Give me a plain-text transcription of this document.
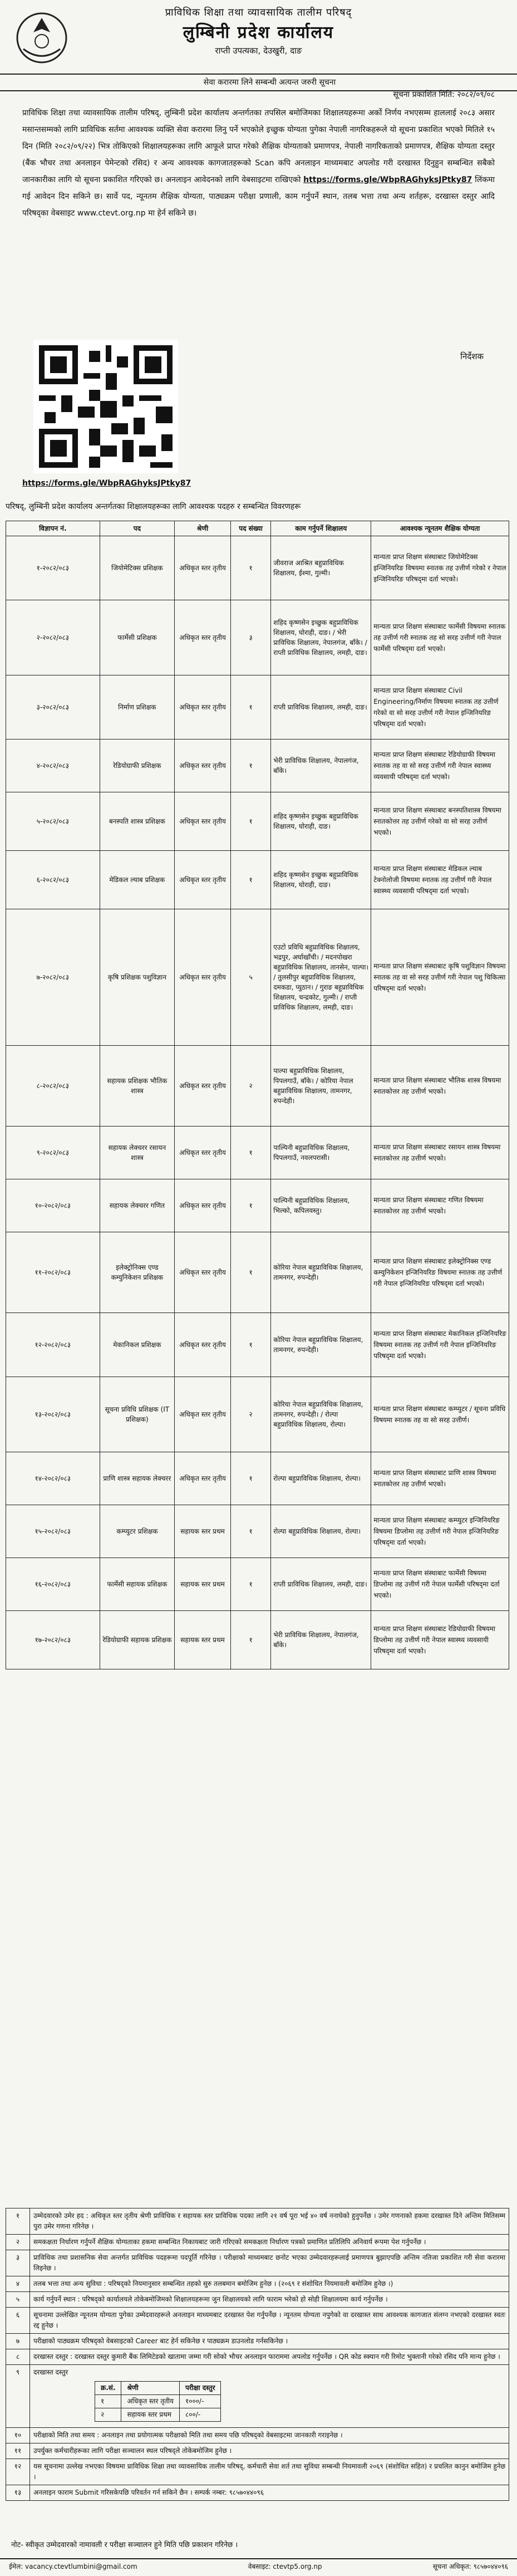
प्राविधिक शिक्षा तथा व्यावसायिक तालीम परिषद्
लुम्बिनी प्रदेश कार्यालय
राप्ती उपत्यका, देउखुरी, दाङ
सेवा करारमा लिने सम्बन्धी अत्यन्त जरुरी सूचना
सूचना प्रकाशित मिति: २०८२/०९/०८
प्राविधिक शिक्षा तथा व्यावसायिक तालीम परिषद्, लुम्बिनी प्रदेश कार्यालय अन्तर्गतका तपसिल बमोजिमका शिक्षालयहरूमा अर्को निर्णय नभएसम्म हाललाई २०८३ असार मसान्तसम्मको लागि प्राविधिक सर्तमा आवश्यक व्यक्ति सेवा करारमा लिनु पर्ने भएकोले इच्छुक योग्यता पुगेका नेपाली नागरिकहरूले यो सूचना प्रकाशित भएको मितिले १५ दिन (मिति २०८२/०९/२२) भित्र तोकिएको शिक्षालयहरूका लागि आफूले प्राप्त गरेको शैक्षिक योग्यताको प्रमाणपत्र, नेपाली नागरिकताको प्रमाणपत्र, शैक्षिक योग्यता दस्तुर (बैंक भौचर तथा अनलाइन पेमेन्टको रसिद) र अन्य आवश्यक कागजातहरूको Scan कपि अनलाइन माध्यमबाट अपलोड गरी दरखास्त दिनुहुन सम्बन्धित सबैको जानकारीका लागि यो सूचना प्रकाशित गरिएको छ। अनलाइन आवेदनको लागि वेबसाइटमा राखिएको https://forms.gle/WbpRAGhyksJPtky87 लिंकमा गई आवेदन दिन सकिने छ। सार्वे पद, न्यूनतम शैक्षिक योग्यता, पाठ्यक्रम परीक्षा प्रणाली, काम गर्नुपर्ने स्थान, तलब भत्ता तथा अन्य शर्तहरू, दरखास्त दस्तुर आदि परिषद्का वेबसाइट www.ctevt.org.np मा हेर्न सकिने छ।
https://forms.gle/WbpRAGhyksJPtky87
निर्देशक
परिषद्, लुम्बिनी प्रदेश कार्यालय अन्तर्गतका शिक्षालयहरूका लागि आवश्यक पदहरु र सम्बन्धित विवरणहरू
विज्ञापन नं.	पद	श्रेणी	पद संख्या	काम गर्नुपर्ने शिक्षालय	आवश्यक न्यूनतम शैक्षिक योग्यता
१-२०८२/०८३	जियोमेटिक्स प्रशिक्षक	अधिकृत स्तर तृतीय	१	जीवराज आश्रित बहुप्राविधिक शिक्षालय, ईश्मा, गुल्मी।	मान्यता प्राप्त शिक्षण संस्थाबाट जियोमेटिक्स इन्जिनियरिङ विषयमा स्नातक तह उत्तीर्ण गरेको र नेपाल इन्जिनियरिङ परिषद्‌मा दर्ता भएको।
२-२०८२/०८३	फार्मेसी प्रशिक्षक	अधिकृत स्तर तृतीय	३	शहिद कृष्णसेन इच्छुक बहुप्राविधिक शिक्षालय, घोराही, दाङ। / भेरी प्राविधिक शिक्षालय, नेपालगंज, बाँके। / राप्ती प्राविधिक शिक्षालय, लमही, दाङ।	मान्यता प्राप्त शिक्षण संस्थाबाट फार्मेसी विषयमा स्नातक तह उत्तीर्ण गरी स्नातक तह सो सरह उत्तीर्ण गरी नेपाल फार्मेसी परिषद्‌मा दर्ता भएको।
३-२०८२/०८३	निर्माण प्रशिक्षक	अधिकृत स्तर तृतीय	१	राप्ती प्राविधिक शिक्षालय, लमही, दाङ।	मान्यता प्राप्त शिक्षण संस्थाबाट Civil Engineering/निर्माण विषयमा स्नातक तह उत्तीर्ण गरेको वा सो सरह उत्तीर्ण गरी नेपाल इन्जिनियरिङ परिषद्‌मा दर्ता भएको।
४-२०८२/०८३	रेडियोग्राफी प्रशिक्षक	अधिकृत स्तर तृतीय	१	भेरी प्राविधिक शिक्षालय, नेपालगंज, बाँके।	मान्यता प्राप्त शिक्षण संस्थाबाट रेडियोग्राफी विषयमा स्नातक तह वा सो सरह उत्तीर्ण गरी नेपाल स्वास्थ्य व्यवसायी परिषद्‌मा दर्ता भएको।
५-२०८२/०८३	बनस्पति शास्त्र प्रशिक्षक	अधिकृत स्तर तृतीय	१	शहिद कृष्णसेन इच्छुक बहुप्राविधिक शिक्षालय, घोराही, दाङ।	मान्यता प्राप्त शिक्षण संस्थाबाट बनस्पतिशास्त्र विषयमा स्नातकोत्तर तह उत्तीर्ण गरेको वा सो सरह उत्तीर्ण भएको।
६-२०८२/०८३	मेडिकल ल्याब प्रशिक्षक	अधिकृत स्तर तृतीय	१	शहिद कृष्णसेन इच्छुक बहुप्राविधिक शिक्षालय, घोराही, दाङ।	मान्यता प्राप्त शिक्षण संस्थाबाट मेडिकल ल्याब टेक्नोलोजी विषयमा स्नातक तह उत्तीर्ण गरी नेपाल स्वास्थ्य व्यवसायी परिषद्‌मा दर्ता भएको।
७-२०८२/०८३	कृषि प्रशिक्षक पशुविज्ञान	अधिकृत स्तर तृतीय	५	एउटो प्रविधि बहुप्राविधिक शिक्षालय, भद्रपुर, अर्घाखाँची। / मदनपोखरा बहुप्राविधिक शिक्षालय, तानसेन, पाल्पा। / तुलसीपुर बहुप्राविधिक शिक्षालय, दमकडा, प्युठान। / गुराङ बहुप्राविधिक शिक्षालय, चन्द्रकोट, गुल्मी। / राप्ती प्राविधिक शिक्षालय, लमही, दाङ।	मान्यता प्राप्त शिक्षण संस्थाबाट कृषि पशुविज्ञान विषयमा स्नातक तह वा सो सरह उत्तीर्ण गरी नेपाल पशु चिकित्सा परिषद्‌मा दर्ता भएको।
८-२०८२/०८३	सहायक प्रशिक्षक भौतिक शास्त्र	अधिकृत स्तर तृतीय	२	पाल्पा बहुप्राविधिक शिक्षालय, पिपलगाउँ, बाँके। / कोरिया नेपाल बहुप्राविधिक शिक्षालय, तामनगर, रुपन्देही।	मान्यता प्राप्त शिक्षण संस्थाबाट भौतिक शास्त्र विषयमा स्नातकोत्तर तह उत्तीर्ण भएको।
९-२०८२/०८३	सहायक लेक्चरर रसायन शास्त्र	अधिकृत स्तर तृतीय	१	पाल्पिनी बहुप्राविधिक शिक्षालय, पिपलगाउँ, नवलपरासी।	मान्यता प्राप्त शिक्षण संस्थाबाट रसायन शास्त्र विषयमा स्नातकोत्तर तह उत्तीर्ण भएको।
१०-२०८२/०८३	सहायक लेक्चरर गणित	अधिकृत स्तर तृतीय	१	पाल्पिनी बहुप्राविधिक शिक्षालय, भिल्को, कपिलवस्तु।	मान्यता प्राप्त शिक्षण संस्थाबाट गणित विषयमा स्नातकोत्तर तह उत्तीर्ण भएको।
११-२०८२/०८३	इलेक्ट्रोनिक्स एण्ड कम्युनिकेशन प्रशिक्षक	अधिकृत स्तर तृतीय	१	कोरिया नेपाल बहुप्राविधिक शिक्षालय, तामनगर, रुपन्देही।	मान्यता प्राप्त शिक्षण संस्थाबाट इलेक्ट्रोनिक्स एण्ड कम्युनिकेशन इन्जिनियरिङ विषयमा स्नातक तह उत्तीर्ण गरी नेपाल इन्जिनियरिङ परिषद्‌मा दर्ता भएको।
१२-२०८२/०८३	मेकानिकल प्रशिक्षक	अधिकृत स्तर तृतीय	१	कोरिया नेपाल बहुप्राविधिक शिक्षालय, तामनगर, रुपन्देही।	मान्यता प्राप्त शिक्षण संस्थाबाट मेकानिकल इन्जिनियरिङ विषयमा स्नातक तह उत्तीर्ण गरी नेपाल इन्जिनियरिङ परिषद्‌मा दर्ता भएको।
१३-२०८२/०८३	सूचना प्रविधि प्रशिक्षक (IT प्रशिक्षक)	अधिकृत स्तर तृतीय	२	कोरिया नेपाल बहुप्राविधिक शिक्षालय, तामनगर, रुपन्देही। / रोल्पा बहुप्राविधिक शिक्षालय, रोल्पा।	मान्यता प्राप्त शिक्षण संस्थाबाट कम्प्युटर / सूचना प्रविधि विषयमा स्नातक तह वा सो सरह उत्तीर्ण।
१४-२०८२/०८३	प्राणि शास्त्र सहायक लेक्चरर	अधिकृत स्तर तृतीय	१	रोल्पा बहुप्राविधिक शिक्षालय, रोल्पा।	मान्यता प्राप्त शिक्षण संस्थाबाट प्राणि शास्त्र विषयमा स्नातकोत्तर तह उत्तीर्ण भएको।
१५-२०८२/०८३	कम्प्युटर प्रशिक्षक	सहायक स्तर प्रथम	१	रोल्पा बहुप्राविधिक शिक्षालय, रोल्पा।	मान्यता प्राप्त शिक्षण संस्थाबाट कम्प्युटर इन्जिनियरिङ विषयमा डिप्लोमा तह उत्तीर्ण गरी नेपाल इन्जिनियरिङ परिषद्‌मा दर्ता भएको।
१६-२०८२/०८३	फार्मेसी सहायक प्रशिक्षक	सहायक स्तर प्रथम	१	राप्ती प्राविधिक शिक्षालय, लमही, दाङ।	मान्यता प्राप्त शिक्षण संस्थाबाट फार्मेसी विषयमा डिप्लोमा तह उत्तीर्ण गरी नेपाल फार्मेसी परिषद्‌मा दर्ता भएको।
१७-२०८२/०८३	रेडियोग्राफी सहायक प्रशिक्षक	सहायक स्तर प्रथम	१	भेरी प्राविधिक शिक्षालय, नेपालगंज, बाँके।	मान्यता प्राप्त शिक्षण संस्थाबाट रेडियोग्राफी विषयमा डिप्लोमा तह उत्तीर्ण गरी नेपाल स्वास्थ्य व्यवसायी परिषद्‌मा दर्ता भएको।
१	उम्मेदवारको उमेर हद : अधिकृत स्तर तृतीय श्रेणी प्राविधिक र सहायक स्तर प्राविधिक पदका लागि २१ वर्ष पूरा भई ४० वर्ष ननाघेको हुनुपर्नेछ । उमेर गणनाको हकमा दरखास्त दिने अन्तिम मितिसम्म पुरा उमेर गणना गरिनेछ ।
२	समकक्षता निर्धारण गर्नुपर्ने शैक्षिक योग्यताका हकमा सम्बन्धित निकायबाट जारी गरिएको समकक्षता निर्धारण पत्रको प्रमाणित प्रतिलिपि अनिवार्य रूपमा पेश गर्नुपर्नेछ ।
३	प्राविधिक तथा प्रशासनिक सेवा अन्तर्गत प्राविधिक पदहरूमा पदपूर्ति गरिनेछ । परीक्षाको माध्यमबाट छनोट भएका उम्मेदवारहरूलाई प्रमाणपत्र बुझाएपछि अन्तिम नतिजा प्रकाशित गरी सेवा करारमा लिइनेछ ।
४	तलब भत्ता तथा अन्य सुविधा : परिषद्को नियमानुसार सम्बन्धित तहको सुरु तलबमान बमोजिम हुनेछ । (२०६९ र संशोधित नियमावली बमोजिम हुनेछ ।)
५	कार्य गर्नुपर्ने स्थान : परिषद्को कार्यालयले तोकेबमोजिमको शिक्षालयहरूमा जुन शिक्षालयको लागि फाराम भरेको हो सोही शिक्षालयमा कार्य गर्नुपर्नेछ ।
६	सूचनामा उल्लेखित न्यूनतम योग्यता पुगेका उम्मेदवारहरूले अनलाइन माध्यमबाट दरखास्त पेश गर्नुपर्नेछ । न्यूनतम योग्यता नपुगेको वा दरखास्त साथ आवश्यक कागजात संलग्न नभएको दरखास्त स्वतः रद्द हुनेछ ।
७	परीक्षाको पाठ्यक्रम परिषद्को वेबसाइटको Career बाट हेर्न सकिनेछ र पाठ्यक्रम डाउनलोड गर्नसकिनेछ ।
८	दरखास्त दस्तुर : दरखास्त दस्तुर कुमारी बैंक लिमिटेडको खातामा जम्मा गरी सोको भौचर अनलाइन फाराममा अपलोड गर्नुपर्नेछ । QR कोड स्क्यान गरी रिमोट भुक्तानी गरेको रसिद पनि मान्य हुनेछ ।
९	दरखास्त दस्तुर
क्र.सं.	श्रेणी	परीक्षा दस्तुर
१	अधिकृत स्तर तृतीय	१०००/-
२	सहायक स्तर प्रथम	८००/-

१०	परीक्षाको मिति तथा समय : अनलाइन तथा प्रयोगात्मक परीक्षाको मिति तथा समय पछि परिषद्को वेबसाइटमा जानकारी गराइनेछ ।
११	उपर्युक्त कर्मचारीहरूका लागि परीक्षा सञ्चालन स्थल परिषद्ले तोकेबमोजिम हुनेछ ।
१२	यस सूचनामा उल्लेख नभएका विषयमा प्राविधिक शिक्षा तथा व्यावसायिक तालीम परिषद्, कर्मचारी सेवा शर्त तथा सुविधा सम्बन्धी नियमावली २०६९ (संशोधित सहित) र प्रचलित कानुन बमोजिम हुनेछ ।
१३	अनलाइन फाराम Submit गरिसकेपछि परिवर्तन गर्न सकिने छैन । सम्पर्क नम्बर: ९८५७०४४०९६
नोट- स्वीकृत उम्मेदवारको नामावली र परीक्षा सञ्चालन हुने मिति पछि प्रकाशन गरिनेछ ।
ईमेल: vacancy.ctevtlumbini@gmail.com	वेबसाइट: ctevtp5.org.np	सूचना अधिकृत: ९८५७०४४०९६
